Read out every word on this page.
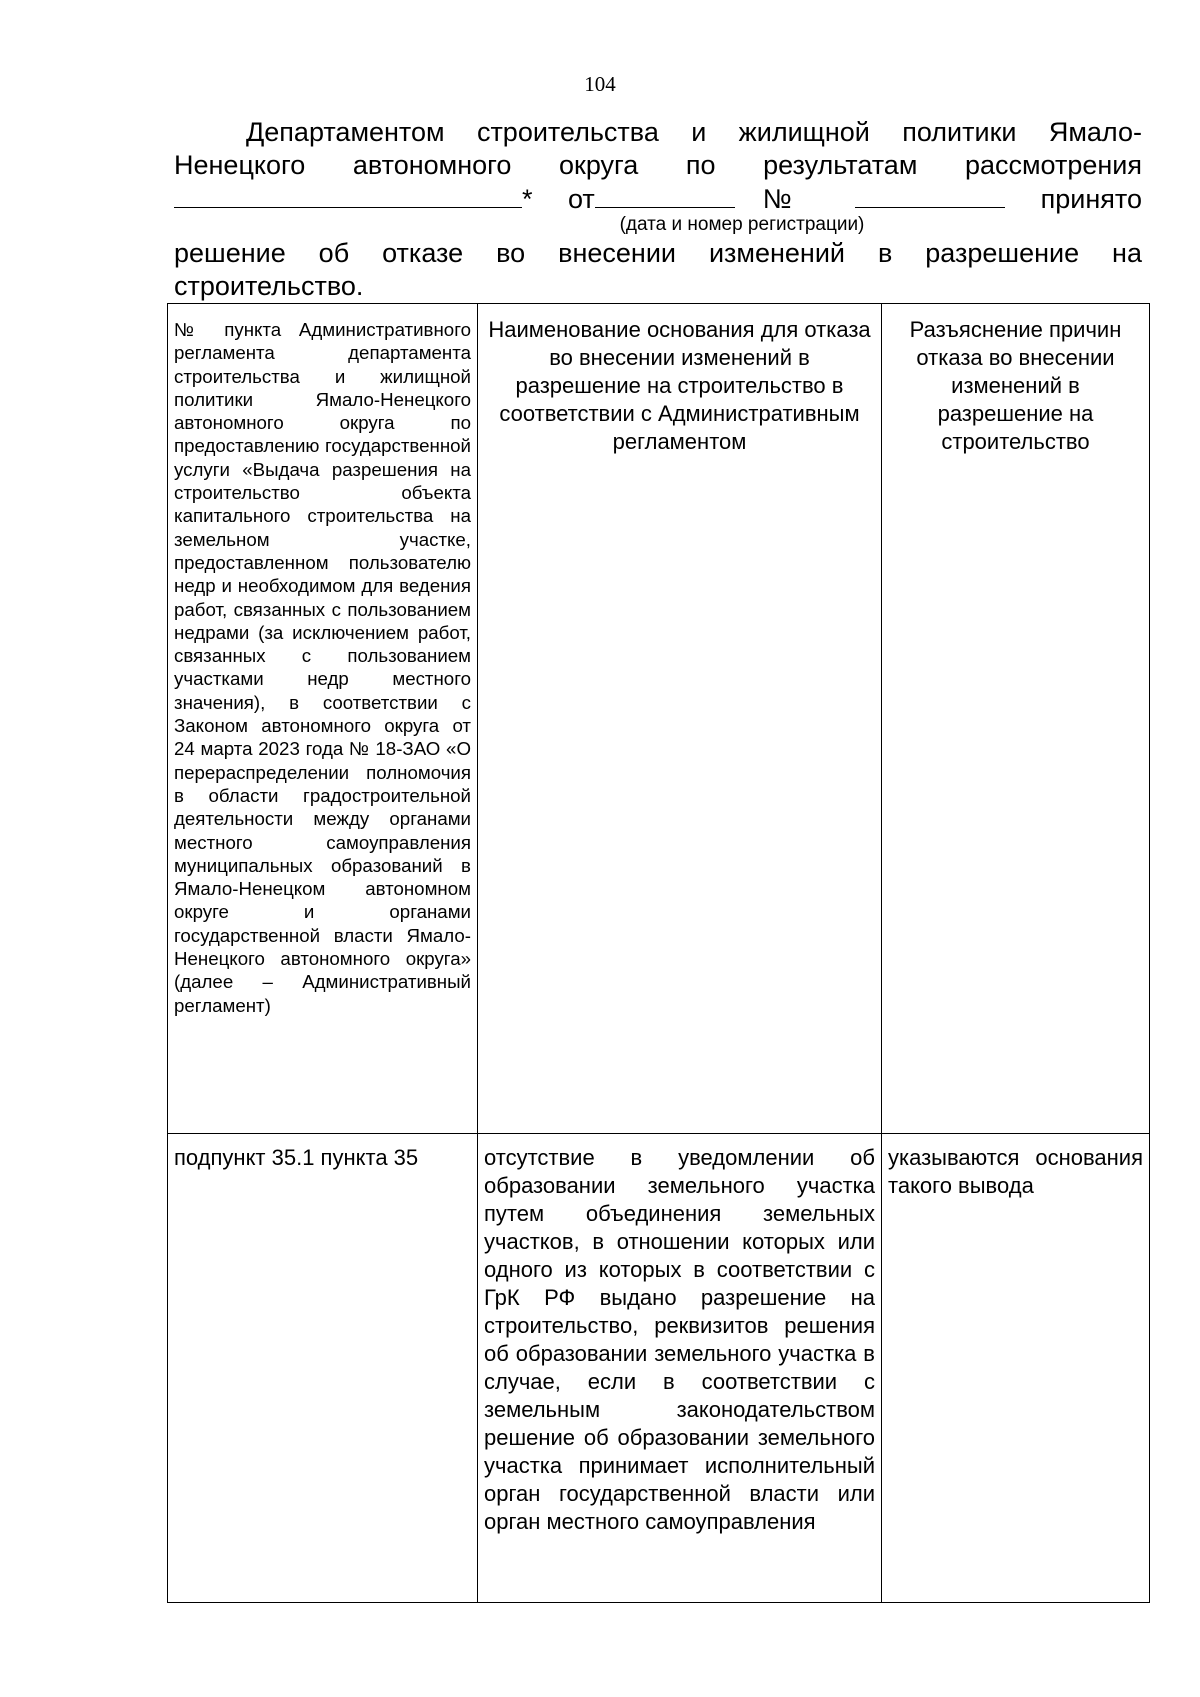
104
Департаментом строительства и жилищной политики Ямало- Ненецкого автономного округа по результатам рассмотрения * от	№	принято
(дата и номер регистрации)
решение об отказе во внесении изменений в разрешение на
строительство.
№ пункта Административного регламента департамента строительства и жилищной политики Ямало-Ненецкого автономного округа по предоставлению государственной услуги «Выдача разрешения на строительство объекта капитального строительства на земельном участке, предоставленном пользователю недр и необходимом для ведения работ, связанных с пользованием недрами (за исключением работ, связанных с пользованием участками недр местного значения), в соответствии с Законом автономного округа от 24 марта 2023 года № 18-ЗАО «О перераспределении полномочия в области градостроительной деятельности между органами местного самоуправления муниципальных образований в Ямало-Ненецком автономном округе и органами государственной власти Ямало-Ненецкого автономного округа» (далее – Административный регламент)	Наименование основания для отказа во внесении изменений в разрешение на строительство в соответствии с Административным регламентом	Разъяснение причин отказа во внесении изменений в разрешение на строительство
подпункт 35.1 пункта 35	отсутствие в уведомлении об образовании земельного участка путем объединения земельных участков, в отношении которых или одного из которых в соответствии с ГрК РФ выдано разрешение на строительство, реквизитов решения об образовании земельного участка в случае, если в соответствии с земельным законодательством решение об образовании земельного участка принимает исполнительный орган государственной власти или орган местного самоуправления	указываются основания такого вывода
